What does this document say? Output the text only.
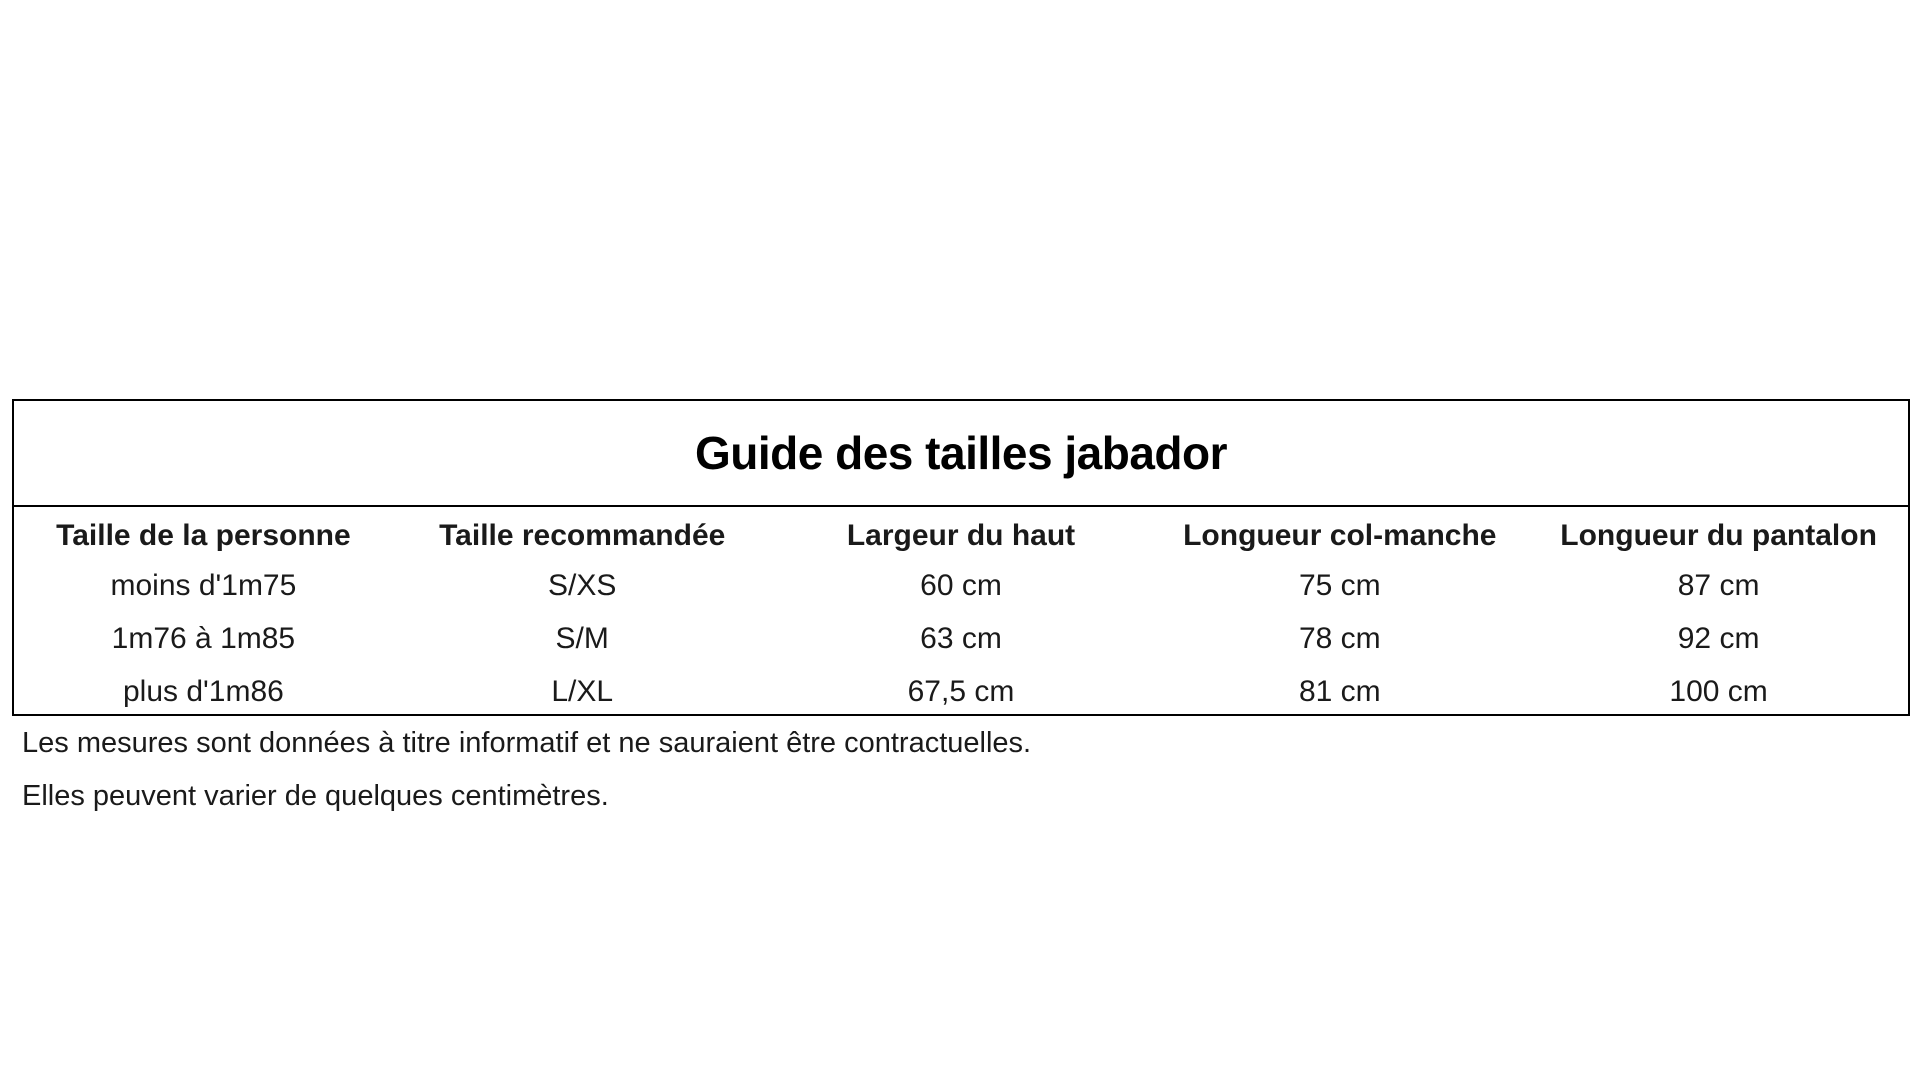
Guide des tailles jabador
Taille de la personne	Taille recommandée	Largeur du haut	Longueur col-manche	Longueur du pantalon
moins d'1m75	S/XS	60 cm	75 cm	87 cm
1m76 à 1m85	S/M	63 cm	78 cm	92 cm
plus d'1m86	L/XL	67,5 cm	81 cm	100 cm
Les mesures sont données à titre informatif et ne sauraient être contractuelles.
Elles peuvent varier de quelques centimètres.
